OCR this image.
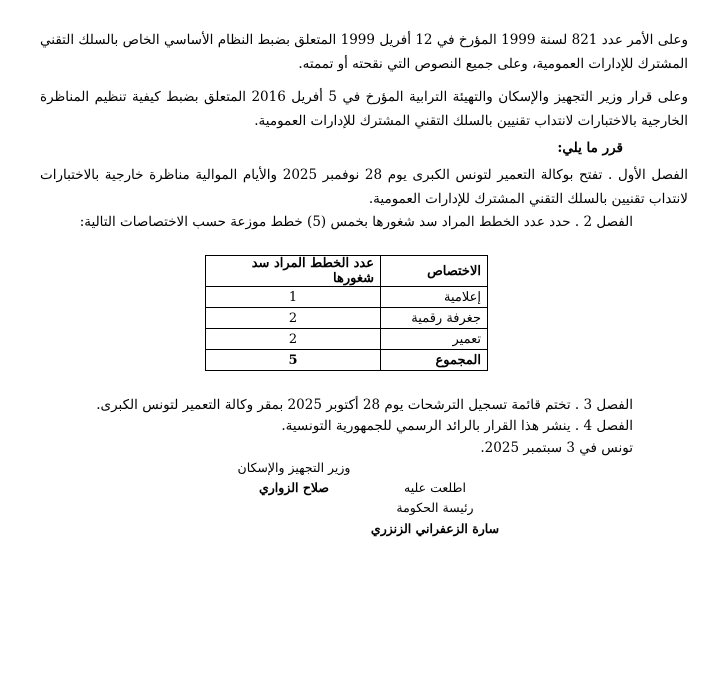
وعلى الأمر عدد 821 لسنة 1999 المؤرخ في 12 أفريل 1999 المتعلق بضبط النظام الأساسي الخاص بالسلك التقني المشترك للإدارات العمومية، وعلى جميع النصوص التي نقحته أو تممته.
وعلى قرار وزير التجهيز والإسكان والتهيئة الترابية المؤرخ في 5 أفريل 2016 المتعلق بضبط كيفية تنظيم المناظرة الخارجية بالاختبارات لانتداب تقنيين بالسلك التقني المشترك للإدارات العمومية.
قرر ما يلي:
الفصل الأول . تفتح بوكالة التعمير لتونس الكبرى يوم 28 نوفمبر 2025 والأيام الموالية مناظرة خارجية بالاختبارات لانتداب تقنيين بالسلك التقني المشترك للإدارات العمومية.
الفصل 2 . حدد عدد الخطط المراد سد شغورها بخمس (5) خطط موزعة حسب الاختصاصات التالية:
الاختصاص	عدد الخطط المراد سد شغورها
إعلامية	1
جغرفة رقمية	2
تعمير	2
المجموع	5
الفصل 3 . تختم قائمة تسجيل الترشحات يوم 28 أكتوبر 2025 بمقر وكالة التعمير لتونس الكبرى.
الفصل 4 . ينشر هذا القرار بالرائد الرسمي للجمهورية التونسية.
تونس في 3 سبتمبر 2025.
وزير التجهيز والإسكان
صلاح الزواري	اطلعت عليه
رئيسة الحكومة
سارة الزعفراني الزنزري
